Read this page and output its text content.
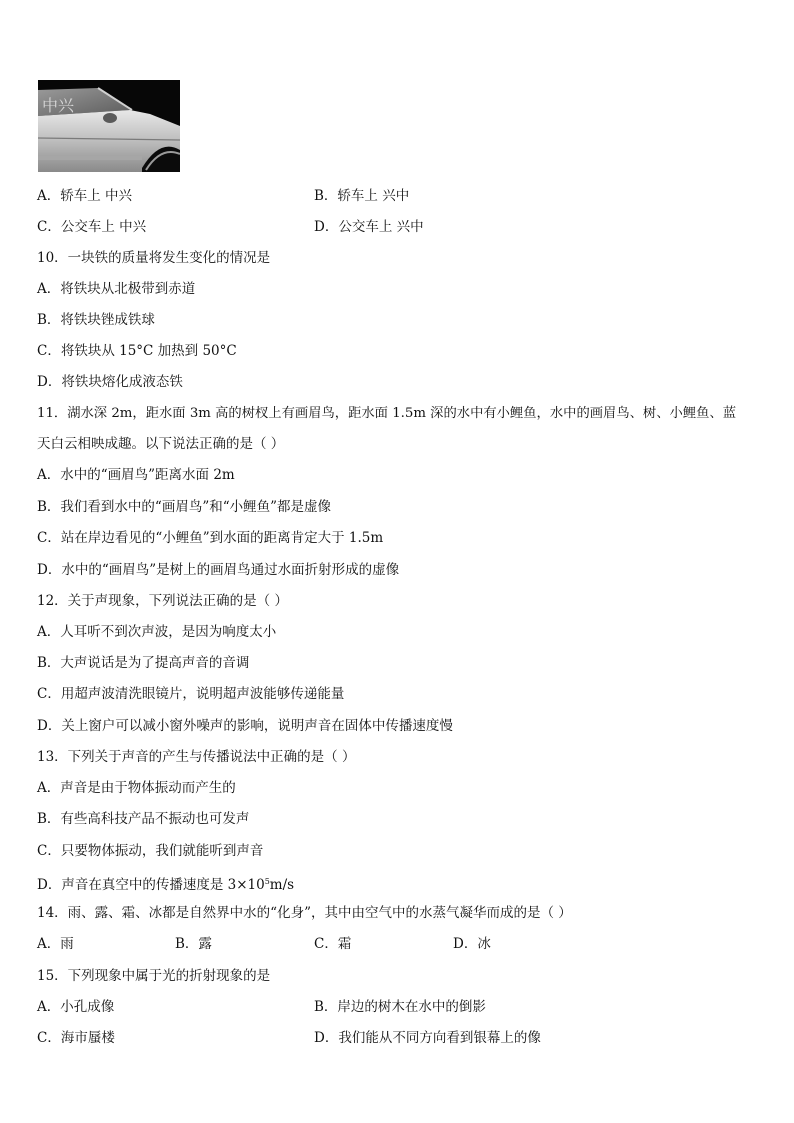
中兴
A．轿车上 中兴	B．轿车上 兴中
C．公交车上 中兴	D．公交车上 兴中
10．一块铁的质量将发生变化的情况是
A．将铁块从北极带到赤道
B．将铁块锉成铁球
C．将铁块从 15°C 加热到 50°C
D．将铁块熔化成液态铁
11．湖水深 2m，距水面 3m 高的树杈上有画眉鸟，距水面 1.5m 深的水中有小鲤鱼，水中的画眉鸟、树、小鲤鱼、蓝
天白云相映成趣。以下说法正确的是（ ）
A．水中的“画眉鸟”距离水面 2m
B．我们看到水中的“画眉鸟”和“小鲤鱼”都是虚像
C．站在岸边看见的“小鲤鱼”到水面的距离肯定大于 1.5m
D．水中的“画眉鸟”是树上的画眉鸟通过水面折射形成的虚像
12．关于声现象，下列说法正确的是（ ）
A．人耳听不到次声波，是因为响度太小
B．大声说话是为了提高声音的音调
C．用超声波清洗眼镜片，说明超声波能够传递能量
D．关上窗户可以减小窗外噪声的影响，说明声音在固体中传播速度慢
13．下列关于声音的产生与传播说法中正确的是（ ）
A．声音是由于物体振动而产生的
B．有些高科技产品不振动也可发声
C．只要物体振动，我们就能听到声音
D．声音在真空中的传播速度是 $3\times 10^5m/s$
14．雨、露、霜、冰都是自然界中水的“化身”，其中由空气中的水蒸气凝华而成的是（ ）
A．雨	B．露	C．霜	D．冰
15．下列现象中属于光的折射现象的是
A．小孔成像	B．岸边的树木在水中的倒影
C．海市蜃楼	D．我们能从不同方向看到银幕上的像
